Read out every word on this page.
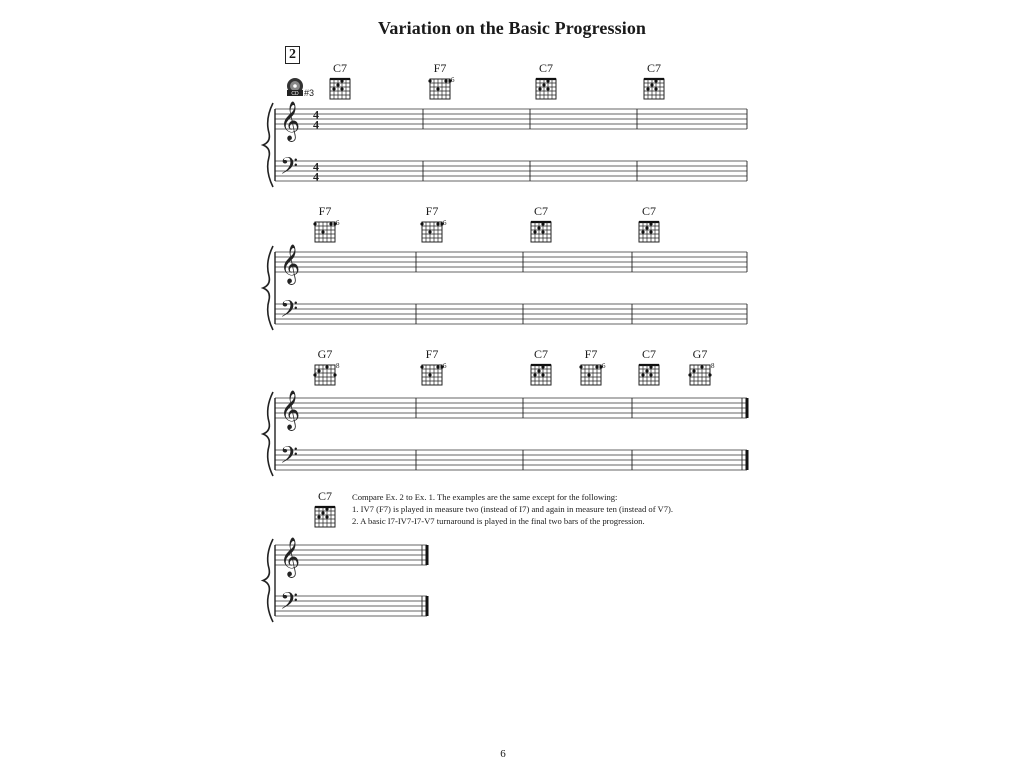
Variation on the Basic Progression
2
CD #3
𝄞
𝄢
4
4
4
4
𝄞
𝄢
𝄞
𝄢
𝄞
𝄢
C7	F7
6
C7	C7
F7
6
F7
6
C7	C7
G7
8
F7
6
C7	F7
6
C7	G7
8
C7	Compare Ex. 2 to Ex. 1. The examples are the same except for the following:
1. IV7 (F7) is played in measure two (instead of I7) and again in measure ten (instead of V7).
2. A basic I7-IV7-I7-V7 turnaround is played in the final two bars of the progression.
6
